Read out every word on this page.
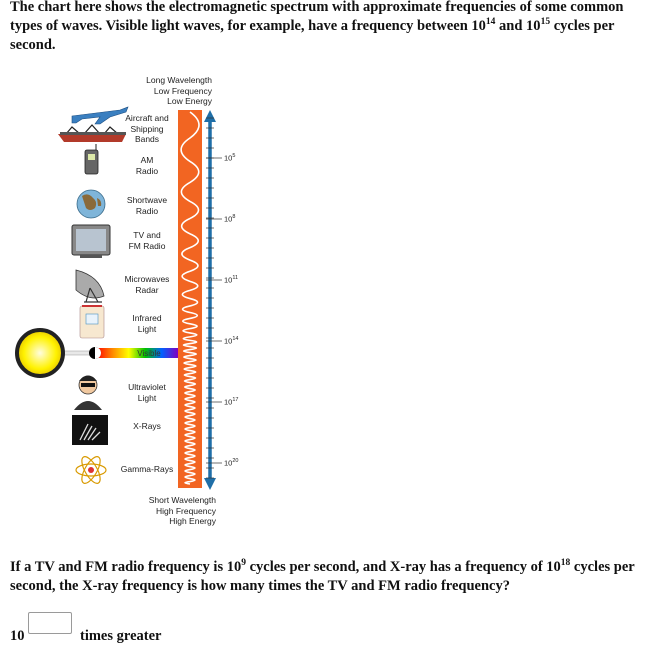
The chart here shows the electromagnetic spectrum with approximate frequencies of some common types of waves. Visible light waves, for example, have a frequency between $10^{14}$ and $10^{15}$ cycles per second.
Long Wavelength
Low Frequency
Low Energy
Aircraft and
Shipping
Bands
AM
Radio
Shortwave
Radio
TV and
FM Radio
Microwaves
Radar
Infrared
Light
Visible
Ultraviolet
Light
X-Rays
Gamma-Rays
$10^5$
$10^8$
$10^{11}$
$10^{14}$
$10^{17}$
$10^{20}$
Short Wavelength
High Frequency
High Energy
If a TV and FM radio frequency is $10^9$ cycles per second, and X-ray has a frequency of $10^{18}$ cycles per second, the X-ray frequency is how many times the TV and FM radio frequency?
10	times greater
